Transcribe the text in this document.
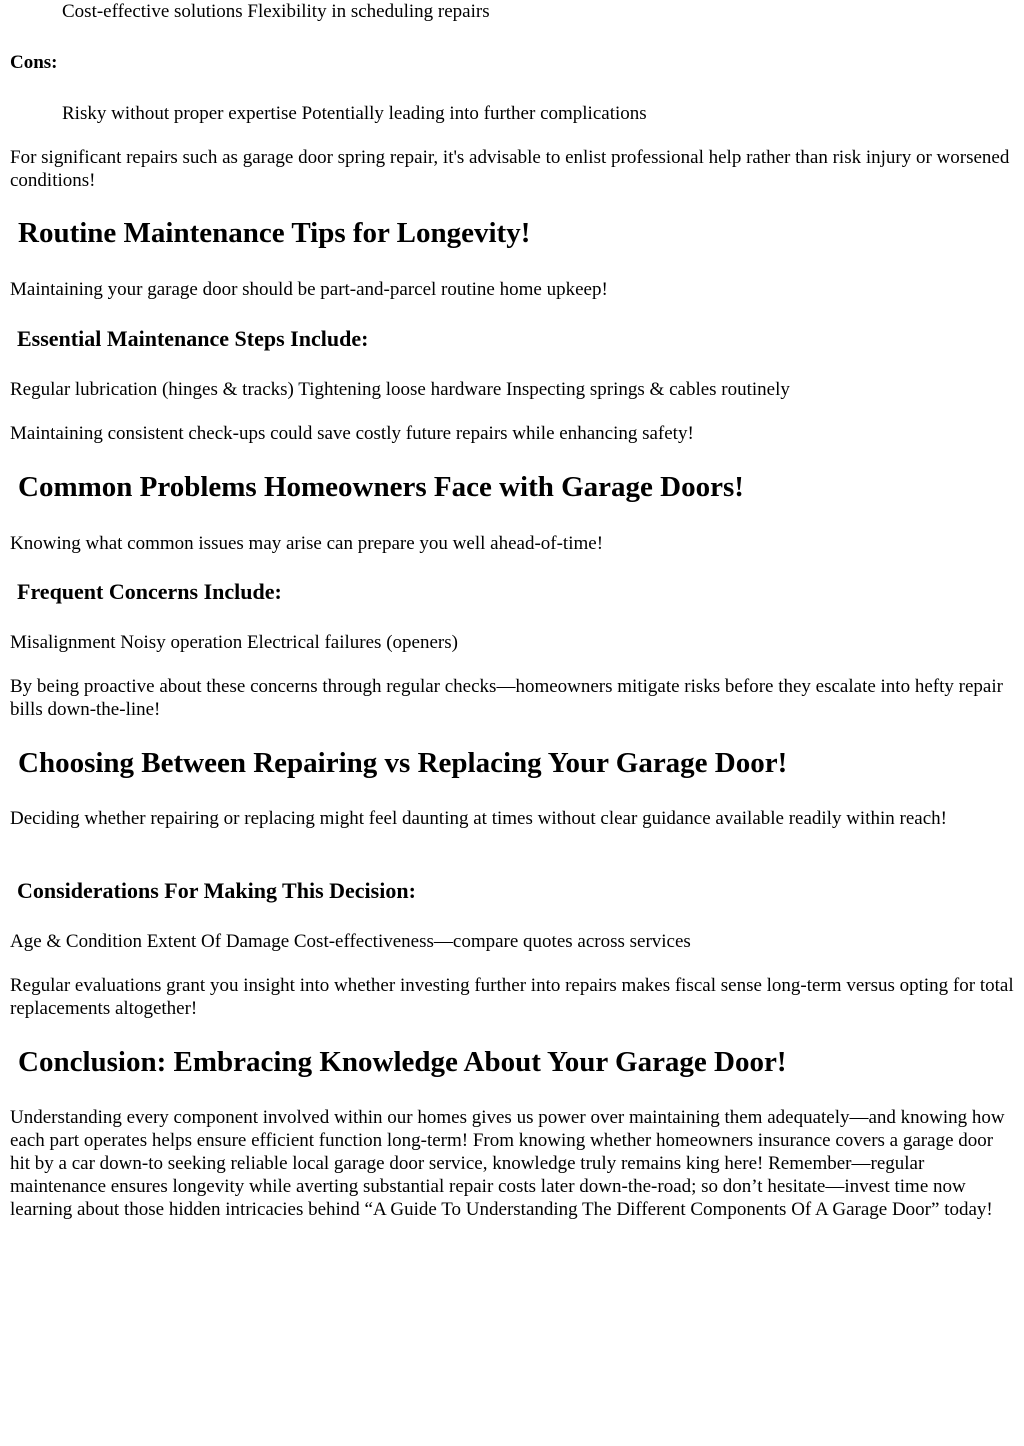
Cost-effective solutions Flexibility in scheduling repairs

Cons:

Risky without proper expertise Potentially leading into further complications

For significant repairs such as garage door spring repair, it's advisable to enlist professional help rather than risk injury or worsened conditions!

Routine Maintenance Tips for Longevity!

Maintaining your garage door should be part-and-parcel routine home upkeep!

Essential Maintenance Steps Include:

Regular lubrication (hinges & tracks) Tightening loose hardware Inspecting springs & cables routinely

Maintaining consistent check-ups could save costly future repairs while enhancing safety!

Common Problems Homeowners Face with Garage Doors!

Knowing what common issues may arise can prepare you well ahead-of-time!

Frequent Concerns Include:

Misalignment Noisy operation Electrical failures (openers)

By being proactive about these concerns through regular checks—homeowners mitigate risks before they escalate into hefty repair bills down-the-line!

Choosing Between Repairing vs Replacing Your Garage Door!

Deciding whether repairing or replacing might feel daunting at times without clear guidance available readily within reach!

Considerations For Making This Decision:

Age & Condition Extent Of Damage Cost-effectiveness—compare quotes across services

Regular evaluations grant you insight into whether investing further into repairs makes fiscal sense long-term versus opting for total replacements altogether!

Conclusion: Embracing Knowledge About Your Garage Door!

Understanding every component involved within our homes gives us power over maintaining them adequately—and knowing how each part operates helps ensure efficient function long-term! From knowing whether homeowners insurance covers a garage door hit by a car down-to seeking reliable local garage door service, knowledge truly remains king here! Remember—regular maintenance ensures longevity while averting substantial repair costs later down-the-road; so don’t hesitate—invest time now learning about those hidden intricacies behind “A Guide To Understanding The Different Components Of A Garage Door” today!
